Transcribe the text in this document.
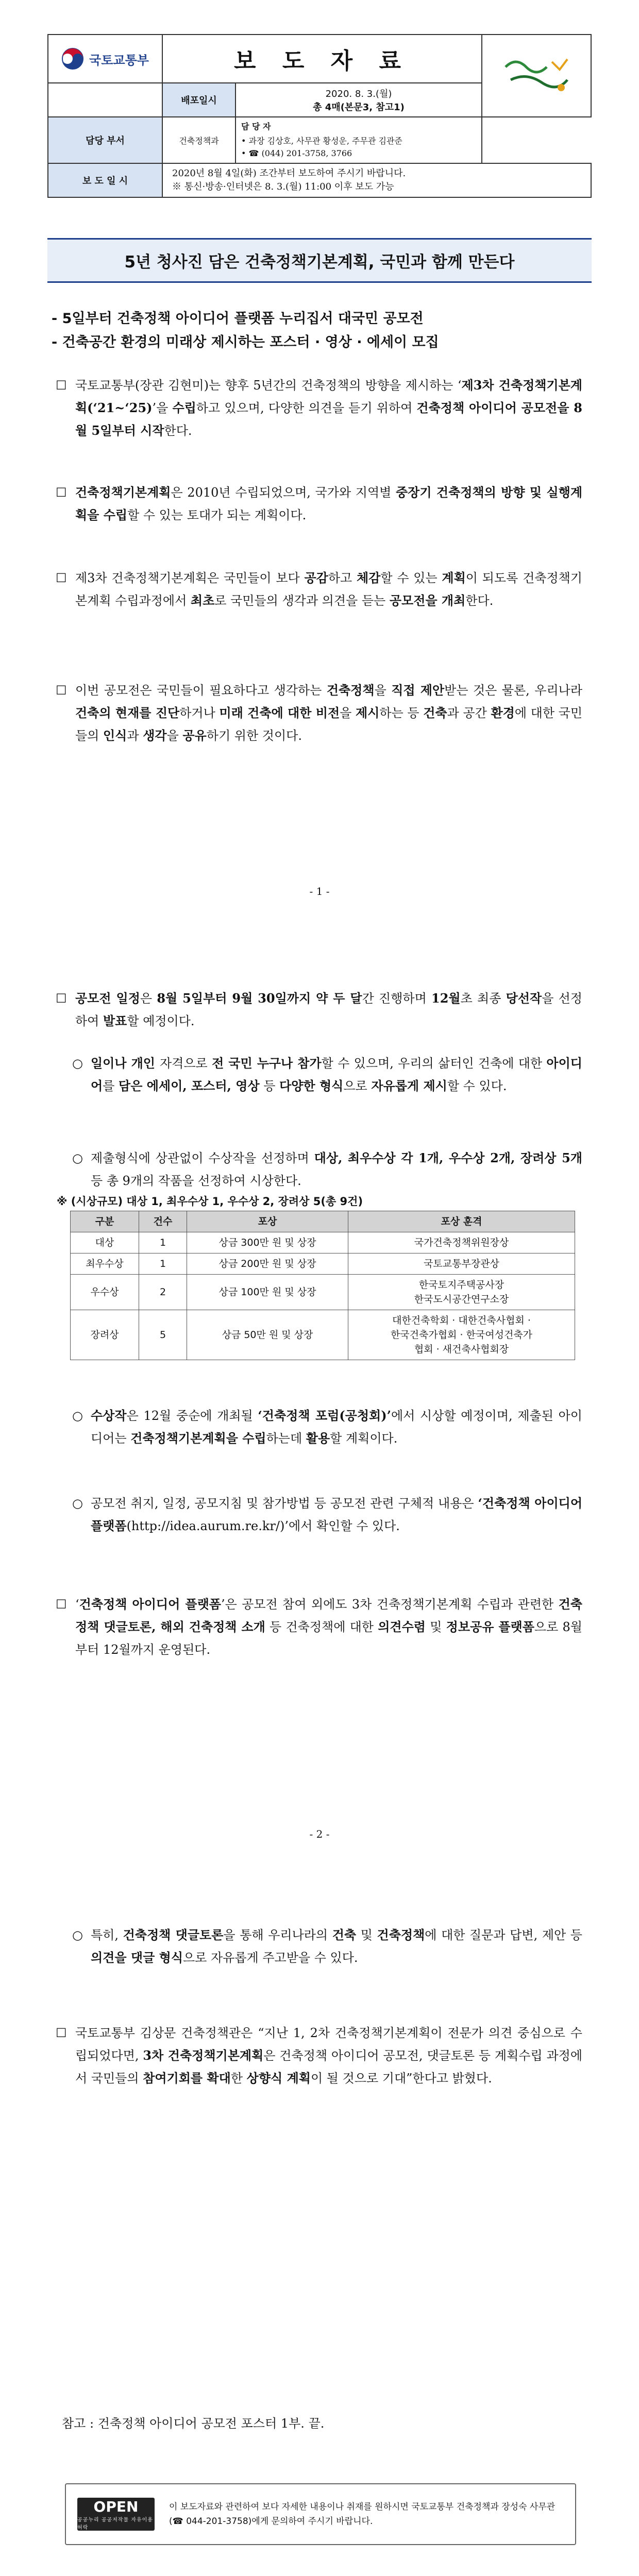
국토교통부	보 도 자 료	
	배포일시	2020. 8. 3.(월)
총 4매(본문3, 참고1)	

담당 부서	건축정책과	담 당 자
• 과장 김상호, 사무관 황성운, 주무관 김관준
• ☎ (044) 201-3758, 3766	

보 도 일 시	2020년 8월 4일(화) 조간부터 보도하여 주시기 바랍니다.
※ 통신·방송·인터넷은 8. 3.(월) 11:00 이후 보도 가능		
5년 청사진 담은 건축정책기본계획, 국민과 함께 만든다
- 5일부터 건축정책 아이디어 플랫폼 누리집서 대국민 공모전
- 건축공간 환경의 미래상 제시하는 포스터 · 영상 · 에세이 모집
☐ 국토교통부(장관 김현미)는 향후 5년간의 건축정책의 방향을 제시하는 ‘제3차 건축정책기본계획(‘21~‘25)’을 수립하고 있으며, 다양한 의견을 듣기 위하여 건축정책 아이디어 공모전을 8월 5일부터 시작한다.
☐ 건축정책기본계획은 2010년 수립되었으며, 국가와 지역별 중장기 건축정책의 방향 및 실행계획을 수립할 수 있는 토대가 되는 계획이다.
☐ 제3차 건축정책기본계획은 국민들이 보다 공감하고 체감할 수 있는 계획이 되도록 건축정책기본계획 수립과정에서 최초로 국민들의 생각과 의견을 듣는 공모전을 개최한다.
☐ 이번 공모전은 국민들이 필요하다고 생각하는 건축정책을 직접 제안받는 것은 물론, 우리나라 건축의 현재를 진단하거나 미래 건축에 대한 비전을 제시하는 등 건축과 공간 환경에 대한 국민들의 인식과 생각을 공유하기 위한 것이다.
- 1 -
☐ 공모전 일정은 8월 5일부터 9월 30일까지 약 두 달간 진행하며 12월초 최종 당선작을 선정하여 발표할 예정이다.
○ 일이나 개인 자격으로 전 국민 누구나 참가할 수 있으며, 우리의 삶터인 건축에 대한 아이디어를 담은 에세이, 포스터, 영상 등 다양한 형식으로 자유롭게 제시할 수 있다.
○ 제출형식에 상관없이 수상작을 선정하며 대상, 최우수상 각 1개, 우수상 2개, 장려상 5개 등 총 9개의 작품을 선정하여 시상한다.
※ (시상규모) 대상 1, 최우수상 1, 우수상 2, 장려상 5(총 9건)
구분	건수	포상	포상 훈격
대상	1	상금 300만 원 및 상장	국가건축정책위원장상
최우수상	1	상금 200만 원 및 상장	국토교통부장관상
우수상	2	상금 100만 원 및 상장	한국토지주택공사장
한국도시공간연구소장
장려상	5	상금 50만 원 및 상장	대한건축학회 · 대한건축사협회 ·
한국건축가협회 · 한국여성건축가
협회 · 새건축사협회장
○ 수상작은 12월 중순에 개최될 ‘건축정책 포럼(공청회)’에서 시상할 예정이며, 제출된 아이디어는 건축정책기본계획을 수립하는데 활용할 계획이다.
○ 공모전 취지, 일정, 공모지침 및 참가방법 등 공모전 관련 구체적 내용은 ‘건축정책 아이디어 플랫폼(http://idea.aurum.re.kr/)’에서 확인할 수 있다.
☐ ‘건축정책 아이디어 플랫폼’은 공모전 참여 외에도 3차 건축정책기본계획 수립과 관련한 건축정책 댓글토론, 해외 건축정책 소개 등 건축정책에 대한 의견수렴 및 정보공유 플랫폼으로 8월부터 12월까지 운영된다.
- 2 -
○ 특히, 건축정책 댓글토론을 통해 우리나라의 건축 및 건축정책에 대한 질문과 답변, 제안 등 의견을 댓글 형식으로 자유롭게 주고받을 수 있다.
☐ 국토교통부 김상문 건축정책관은 “지난 1, 2차 건축정책기본계획이 전문가 의견 중심으로 수립되었다면, 3차 건축정책기본계획은 건축정책 아이디어 공모전, 댓글토론 등 계획수립 과정에서 국민들의 참여기회를 확대한 상향식 계획이 될 것으로 기대”한다고 밝혔다.
참고 : 건축정책 아이디어 공모전 포스터 1부. 끝.
OPEN
공공누리 공공저작물 자유이용허락
이 보도자료와 관련하여 보다 자세한 내용이나 취재를 원하시면 국토교통부 건축정책과 장성숙 사무관(☎ 044-201-3758)에게 문의하여 주시기 바랍니다.
